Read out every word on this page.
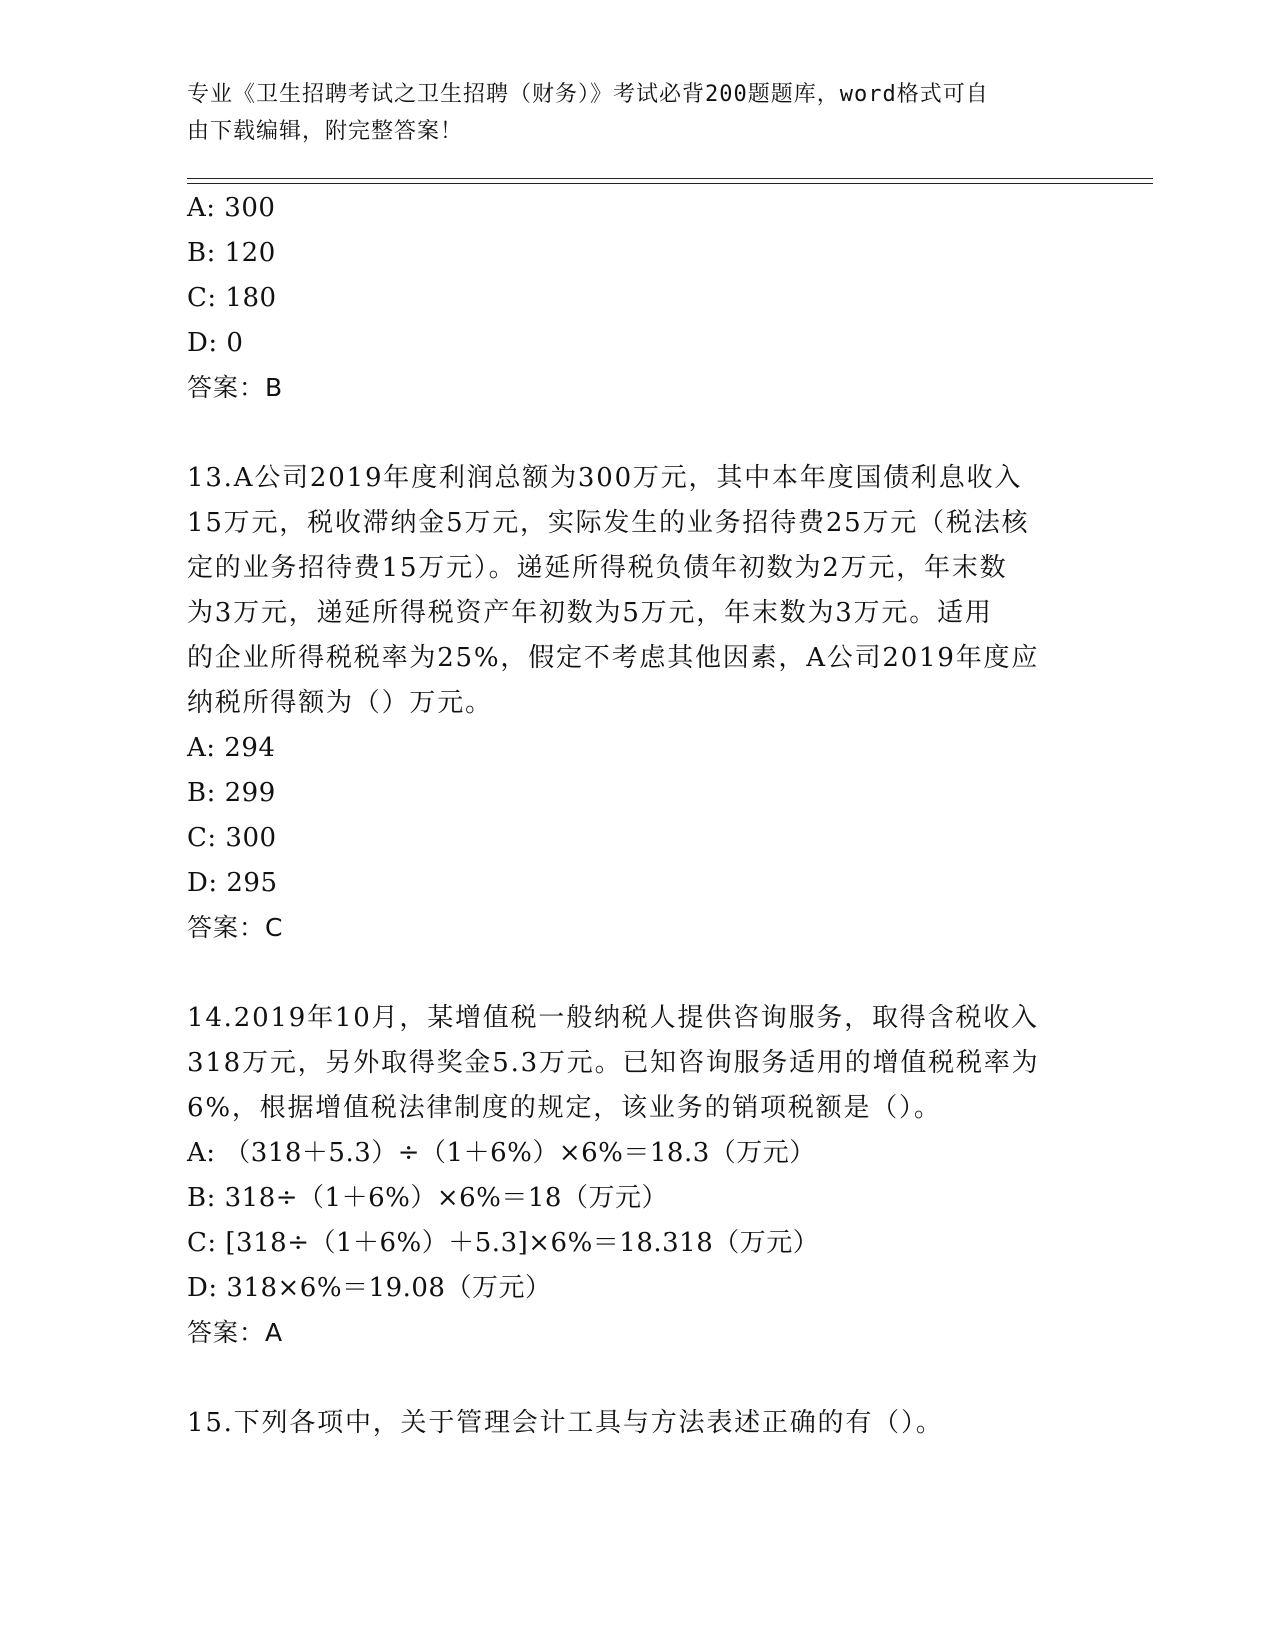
专业《卫生招聘考试之卫生招聘（财务）》考试必背200题题库，word格式可自
由下载编辑，附完整答案！
A: 300
B: 120
C: 180
D: 0
答案：B
13.A公司2019年度利润总额为300万元，其中本年度国债利息收入
15万元，税收滞纳金5万元，实际发生的业务招待费25万元（税法核
定的业务招待费15万元）。递延所得税负债年初数为2万元，年末数
为3万元，递延所得税资产年初数为5万元，年末数为3万元。适用
的企业所得税税率为25%，假定不考虑其他因素，A公司2019年度应
纳税所得额为（）万元。
A: 294
B: 299
C: 300
D: 295
答案：C
14.2019年10月，某增值税一般纳税人提供咨询服务，取得含税收入
318万元，另外取得奖金5.3万元。已知咨询服务适用的增值税税率为
6%，根据增值税法律制度的规定，该业务的销项税额是（）。
A: （318＋5.3）÷（1＋6%）×6%＝18.3（万元）
B: 318÷（1＋6%）×6%＝18（万元）
C: [318÷（1＋6%）＋5.3]×6%＝18.318（万元）
D: 318×6%＝19.08（万元）
答案：A
15.下列各项中，关于管理会计工具与方法表述正确的有（）。
